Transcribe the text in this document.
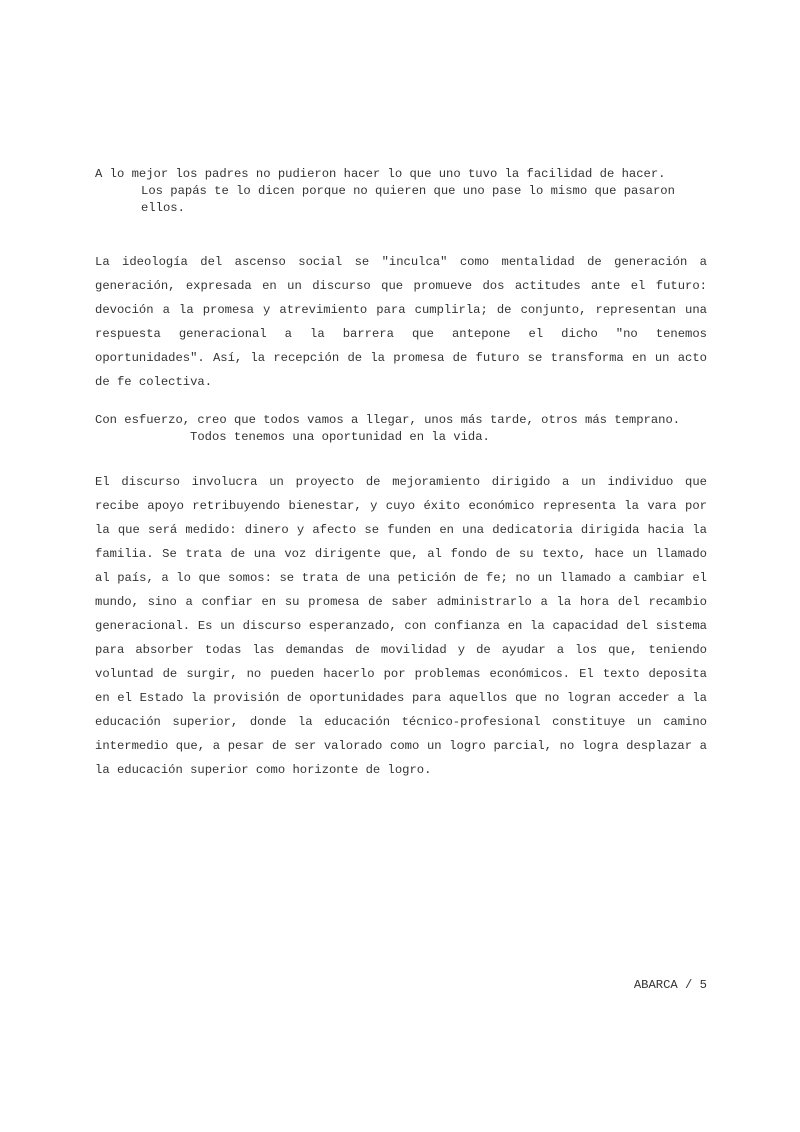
A lo mejor los padres no pudieron hacer lo que uno tuvo la facilidad de hacer.
Los papás te lo dicen porque no quieren que uno pase lo mismo que pasaron
ellos.

La ideología del ascenso social se "inculca" como mentalidad de generación a generación, expresada en un discurso que promueve dos actitudes ante el futuro: devoción a la promesa y atrevimiento para cumplirla; de conjunto, representan una respuesta generacional a la barrera que antepone el dicho "no tenemos oportunidades". Así, la recepción de la promesa de futuro se transforma en un acto de fe colectiva.

Con esfuerzo, creo que todos vamos a llegar, unos más tarde, otros más temprano.
Todos tenemos una oportunidad en la vida.

El discurso involucra un proyecto de mejoramiento dirigido a un individuo que recibe apoyo retribuyendo bienestar, y cuyo éxito económico representa la vara por la que será medido: dinero y afecto se funden en una dedicatoria dirigida hacia la familia. Se trata de una voz dirigente que, al fondo de su texto, hace un llamado al país, a lo que somos: se trata de una petición de fe; no un llamado a cambiar el mundo, sino a confiar en su promesa de saber administrarlo a la hora del recambio generacional. Es un discurso esperanzado, con confianza en la capacidad del sistema para absorber todas las demandas de movilidad y de ayudar a los que, teniendo voluntad de surgir, no pueden hacerlo por problemas económicos. El texto deposita en el Estado la provisión de oportunidades para aquellos que no logran acceder a la educación superior, donde la educación técnico-profesional constituye un camino intermedio que, a pesar de ser valorado como un logro parcial, no logra desplazar a la educación superior como horizonte de logro.

ABARCA / 5
